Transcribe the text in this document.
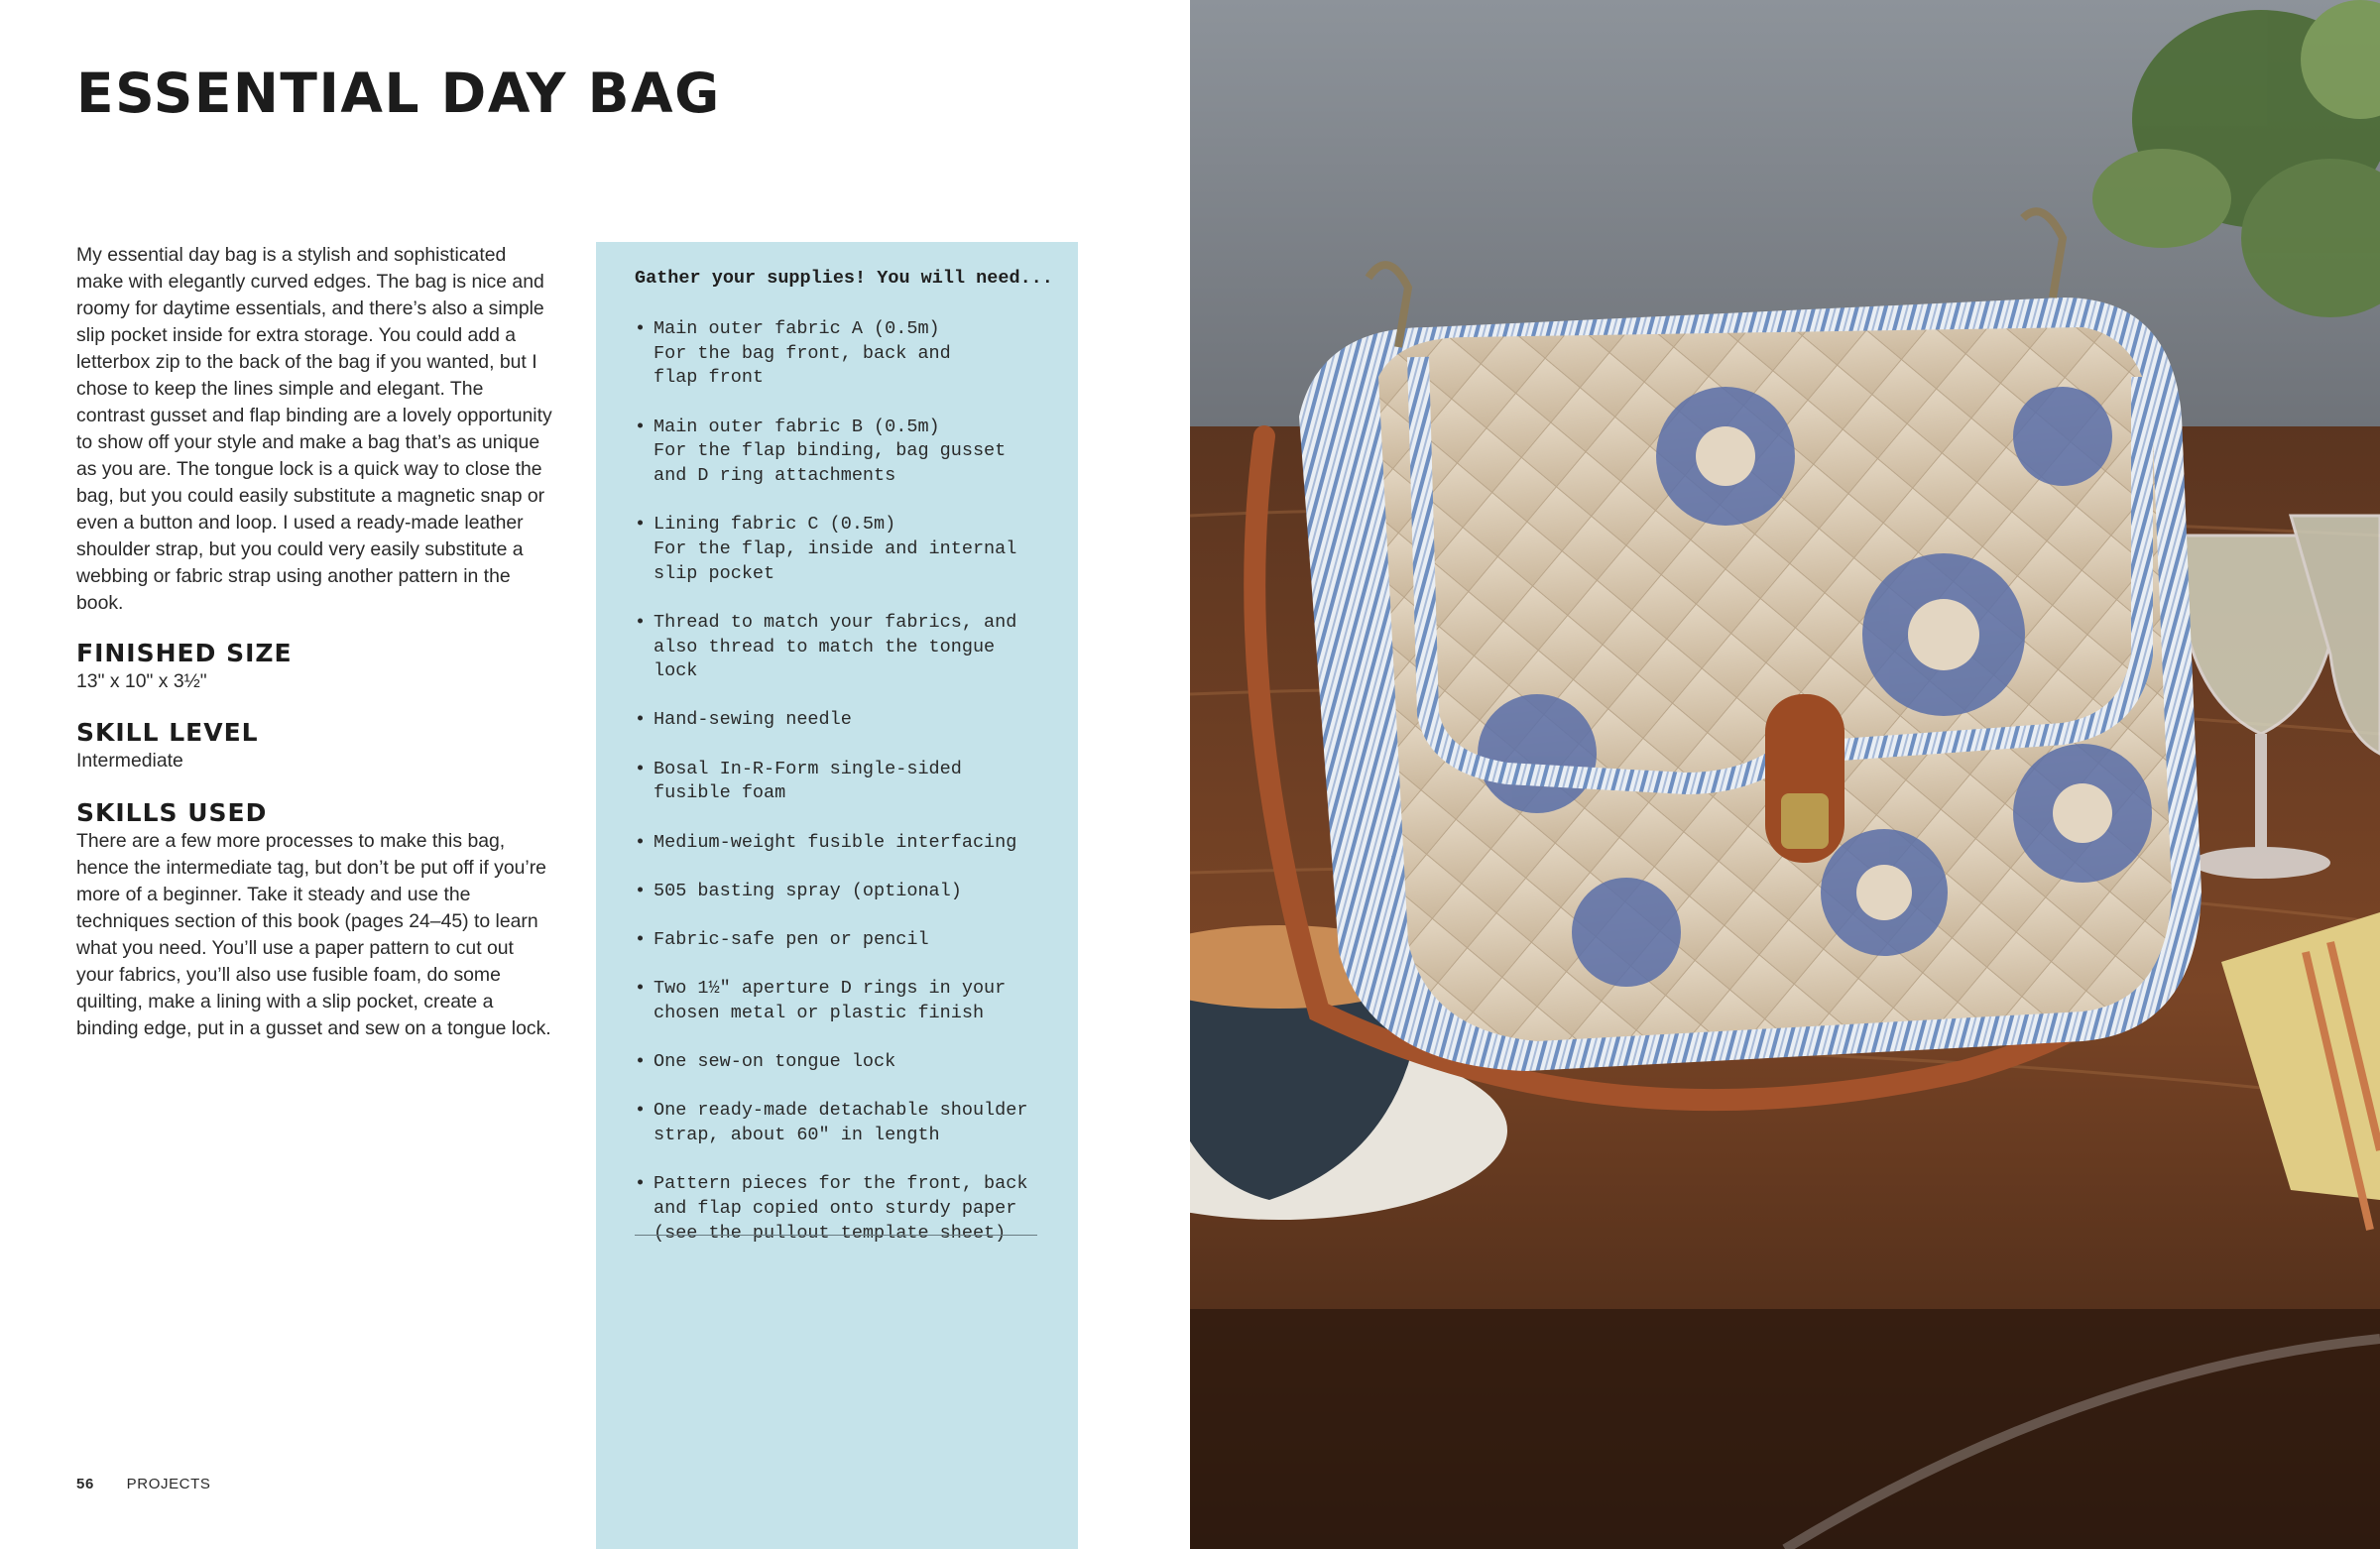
ESSENTIAL DAY BAG

My essential day bag is a stylish and sophisticated make with elegantly curved edges. The bag is nice and roomy for daytime essentials, and there’s also a simple slip pocket inside for extra storage. You could add a letterbox zip to the back of the bag if you wanted, but I chose to keep the lines simple and elegant. The contrast gusset and flap binding are a lovely opportunity to show off your style and make a bag that’s as unique as you are. The tongue lock is a quick way to close the bag, but you could easily substitute a magnetic snap or even a button and loop. I used a ready-made leather shoulder strap, but you could very easily substitute a webbing or fabric strap using another pattern in the book.

FINISHED SIZE

13" x 10" x 3½"

SKILL LEVEL

Intermediate

SKILLS USED

There are a few more processes to make this bag, hence the intermediate tag, but don’t be put off if you’re more of a beginner. Take it steady and use the techniques section of this book (pages 24–45) to learn what you need. You’ll use a paper pattern to cut out your fabrics, you’ll also use fusible foam, do some quilting, make a lining with a slip pocket, create a binding edge, put in a gusset and sew on a tongue lock.

Gather your supplies! You will need...

• Main outer fabric A (0.5m)
For the bag front, back and
flap front
• Main outer fabric B (0.5m)
For the flap binding, bag gusset
and D ring attachments
• Lining fabric C (0.5m)
For the flap, inside and internal
slip pocket
• Thread to match your fabrics, and
also thread to match the tongue lock
• Hand-sewing needle
• Bosal In-R-Form single-sided
fusible foam
• Medium-weight fusible interfacing
• 505 basting spray (optional)
• Fabric-safe pen or pencil
• Two 1½" aperture D rings in your
chosen metal or plastic finish
• One sew-on tongue lock
• One ready-made detachable shoulder
strap, about 60" in length
• Pattern pieces for the front, back
and flap copied onto sturdy paper
(see the pullout template sheet)
56 PROJECTS
